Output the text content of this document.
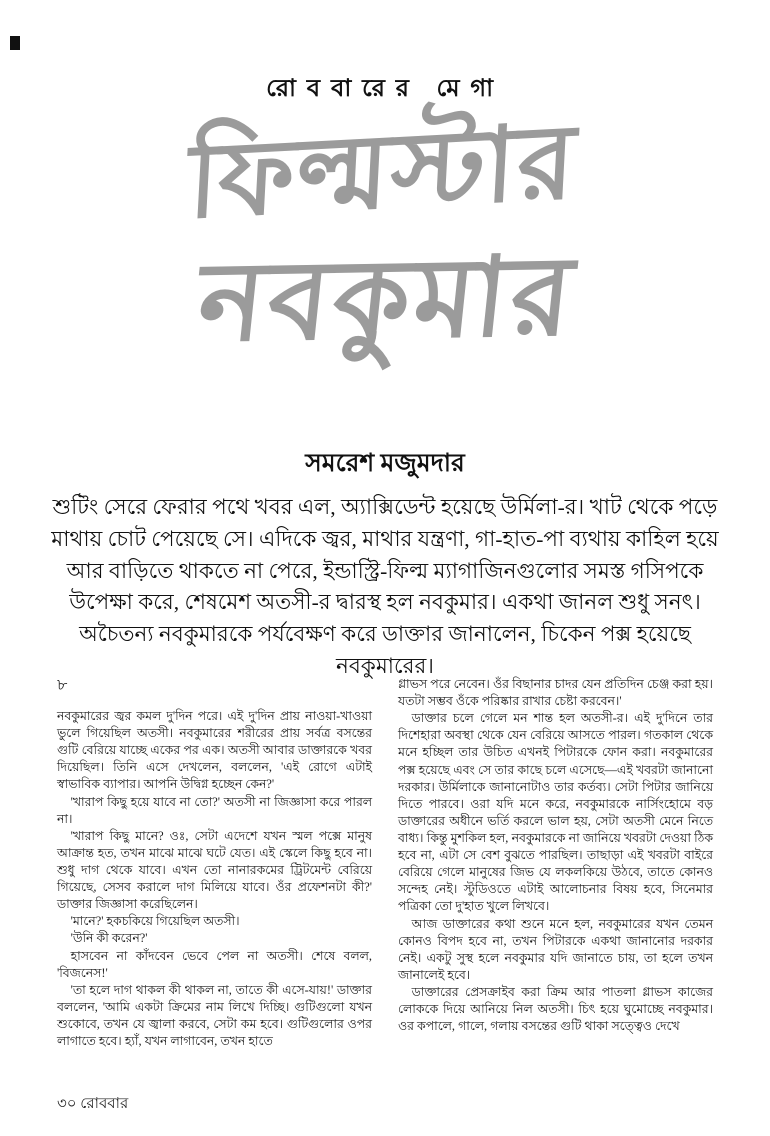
রোববারের মেগা
ফিল্মস্টার
নবকুমার
সমরেশ মজুমদার
শুটিং সেরে ফেরার পথে খবর এল, অ্যাক্সিডেন্ট হয়েছে উর্মিলা-র। খাট থেকে পড়ে মাথায় চোট পেয়েছে সে। এদিকে জ্বর, মাথার যন্ত্রণা, গা-হাত-পা ব্যথায় কাহিল হয়ে আর বাড়িতে থাকতে না পেরে, ইন্ডাস্ট্রি-ফিল্ম ম্যাগাজিনগুলোর সমস্ত গসিপকে উপেক্ষা করে, শেষমেশ অতসী-র দ্বারস্থ হল নবকুমার। একথা জানল শুধু সনৎ। অচৈতন্য নবকুমারকে পর্যবেক্ষণ করে ডাক্তার জানালেন, চিকেন পক্স হয়েছে নবকুমারের।
৮

নবকুমারের জ্বর কমল দু'দিন পরে। এই দু'দিন প্রায় নাওয়া-খাওয়া ভুলে গিয়েছিল অতসী। নবকুমারের শরীরের প্রায় সর্বত্র বসন্তের গুটি বেরিয়ে যাচ্ছে একের পর এক। অতসী আবার ডাক্তারকে খবর দিয়েছিল। তিনি এসে দেখলেন, বললেন, 'এই রোগে এটাই স্বাভাবিক ব্যাপার। আপনি উদ্বিগ্ন হচ্ছেন কেন?'

'খারাপ কিছু হয়ে যাবে না তো?' অতসী না জিজ্ঞাসা করে পারল না।

'খারাপ কিছু মানে? ওঃ, সেটা এদেশে যখন স্মল পক্সে মানুষ আক্রান্ত হত, তখন মাঝে মাঝে ঘটে যেত। এই স্কেলে কিছু হবে না। শুধু দাগ থেকে যাবে। এখন তো নানারকমের ট্রিটমেন্ট বেরিয়ে গিয়েছে, সেসব করালে দাগ মিলিয়ে যাবে। ওঁর প্রফেশনটা কী?' ডাক্তার জিজ্ঞাসা করেছিলেন।

'মানে?' হকচকিয়ে গিয়েছিল অতসী।

'উনি কী করেন?'

হাসবেন না কাঁদবেন ভেবে পেল না অতসী। শেষে বলল, 'বিজনেস!'

'তা হলে দাগ থাকল কী থাকল না, তাতে কী এসে-যায়!' ডাক্তার বললেন, 'আমি একটা ক্রিমের নাম লিখে দিচ্ছি। গুটিগুলো যখন শুকোবে, তখন যে জ্বালা করবে, সেটা কম হবে। গুটিগুলোর ওপর লাগাতে হবে। হ্যাঁ, যখন লাগাবেন, তখন হাতে

গ্লাভস পরে নেবেন। ওঁর বিছানার চাদর যেন প্রতিদিন চেঞ্জ করা হয়। যতটা সম্ভব ওঁকে পরিষ্কার রাখার চেষ্টা করবেন।'

ডাক্তার চলে গেলে মন শান্ত হল অতসী-র। এই দু'দিনে তার দিশেহারা অবস্থা থেকে যেন বেরিয়ে আসতে পারল। গতকাল থেকে মনে হচ্ছিল তার উচিত এখনই পিটারকে ফোন করা। নবকুমারের পক্স হয়েছে এবং সে তার কাছে চলে এসেছে—এই খবরটা জানানো দরকার। উর্মিলাকে জানানোটাও তার কর্তব্য। সেটা পিটার জানিয়ে দিতে পারবে। ওরা যদি মনে করে, নবকুমারকে নার্সিংহোমে বড় ডাক্তারের অধীনে ভর্তি করলে ভাল হয়, সেটা অতসী মেনে নিতে বাধ্য। কিন্তু মুশকিল হল, নবকুমারকে না জানিয়ে খবরটা দেওয়া ঠিক হবে না, এটা সে বেশ বুঝতে পারছিল। তাছাড়া এই খবরটা বাইরে বেরিয়ে গেলে মানুষের জিভ যে লকলকিয়ে উঠবে, তাতে কোনও সন্দেহ নেই। স্টুডিওতে এটাই আলোচনার বিষয় হবে, সিনেমার পত্রিকা তো দু'হাত খুলে লিখবে।

আজ ডাক্তারের কথা শুনে মনে হল, নবকুমারের যখন তেমন কোনও বিপদ হবে না, তখন পিটারকে একথা জানানোর দরকার নেই। একটু সুস্থ হলে নবকুমার যদি জানাতে চায়, তা হলে তখন জানালেই হবে।

ডাক্তারের প্রেসক্রাইব করা ক্রিম আর পাতলা গ্লাভস কাজের লোককে দিয়ে আনিয়ে নিল অতসী। চিৎ হয়ে ঘুমোচ্ছে নবকুমার। ওর কপালে, গালে, গলায় বসন্তের গুটি থাকা সত্ত্বেও দেখে

৩০ রোববার
